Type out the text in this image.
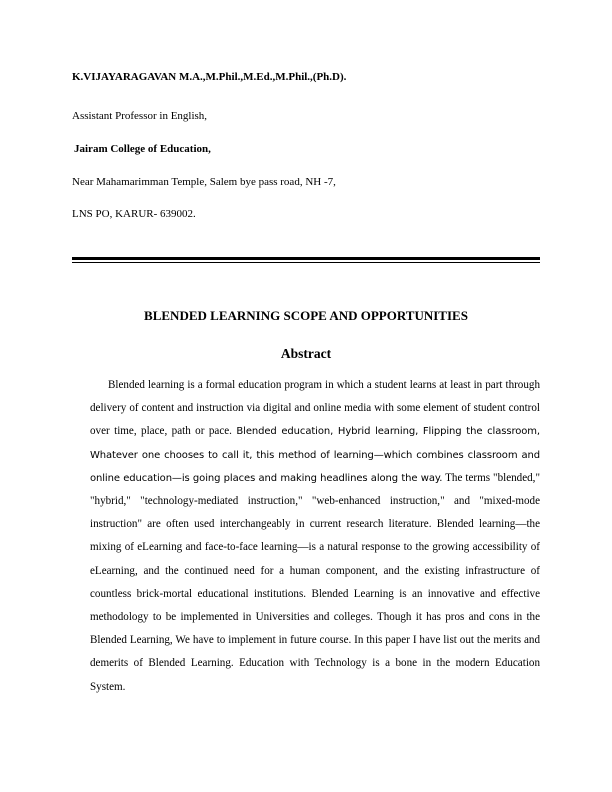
K.VIJAYARAGAVAN M.A.,M.Phil.,M.Ed.,M.Phil.,(Ph.D).
Assistant Professor in English,
Jairam College of Education,
Near Mahamarimman Temple, Salem bye pass road, NH -7,
LNS PO, KARUR- 639002.
BLENDED LEARNING SCOPE AND OPPORTUNITIES
Abstract

Blended learning is a formal education program in which a student learns at least in part through delivery of content and instruction via digital and online media with some element of student control over time, place, path or pace. Blended education, Hybrid learning, Flipping the classroom, Whatever one chooses to call it, this method of learning—which combines classroom and online education—is going places and making headlines along the way. The terms "blended," "hybrid," "technology-mediated instruction," "web-enhanced instruction," and "mixed-mode instruction" are often used interchangeably in current research literature. Blended learning—the mixing of eLearning and face-to-face learning—is a natural response to the growing accessibility of eLearning, and the continued need for a human component, and the existing infrastructure of countless brick-mortal educational institutions. Blended Learning is an innovative and effective methodology to be implemented in Universities and colleges. Though it has pros and cons in the Blended Learning, We have to implement in future course. In this paper I have list out the merits and demerits of Blended Learning. Education with Technology is a bone in the modern Education System.
